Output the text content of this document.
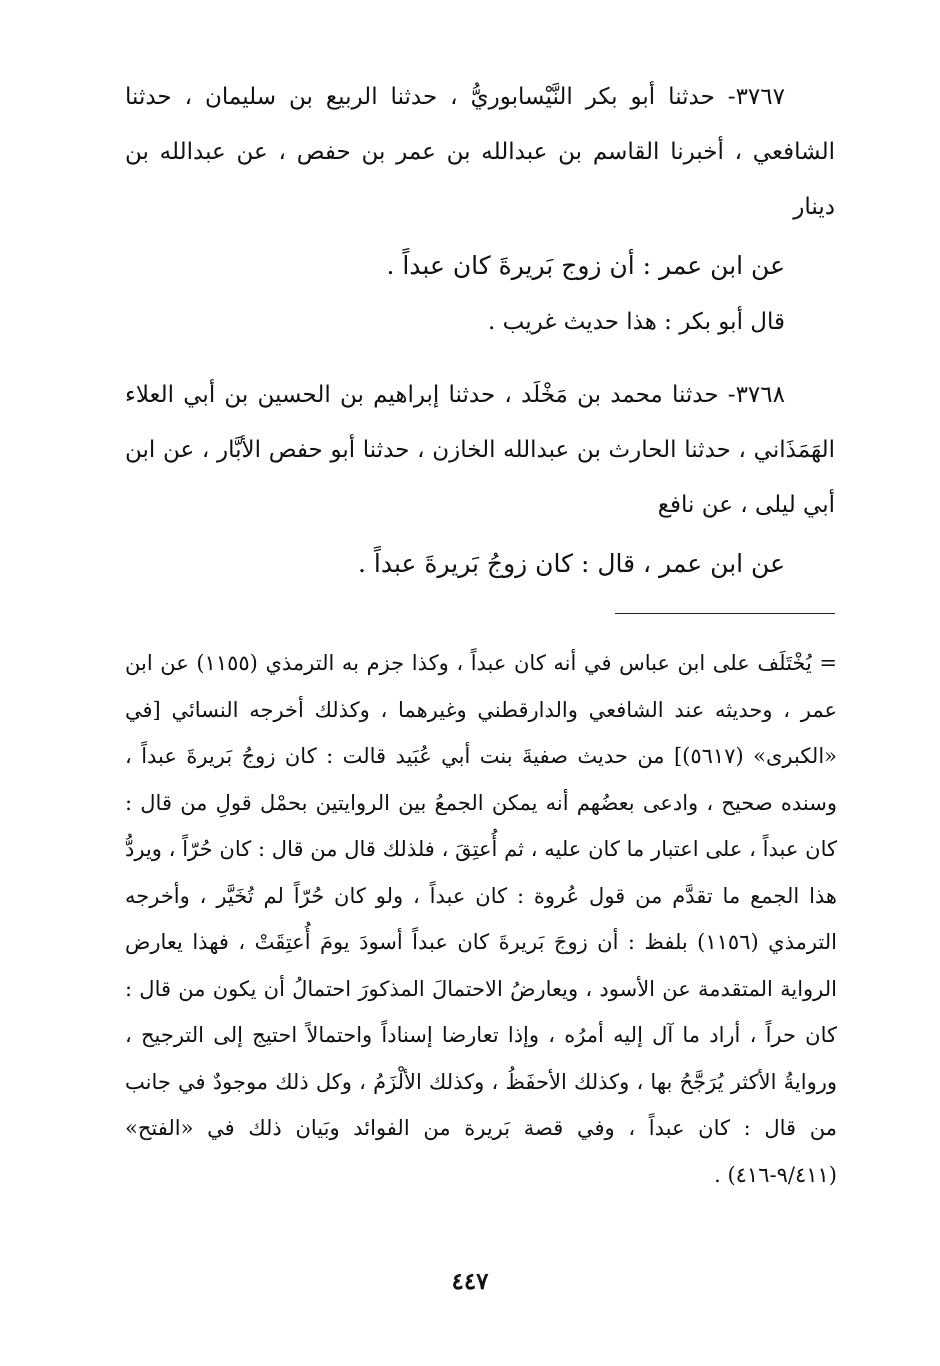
٣٧٦٧- حدثنا أبو بكر النَّيْسابوريُّ ، حدثنا الربيع بن سليمان ، حدثنا الشافعي ، أخبرنا القاسم بن عبدالله بن عمر بن حفص ، عن عبدالله بن دينار

عن ابن عمر : أن زوج بَريرةَ كان عبداً .

قال أبو بكر : هذا حديث غريب .

٣٧٦٨- حدثنا محمد بن مَخْلَد ، حدثنا إبراهيم بن الحسين بن أبي العلاء الهَمَذَاني ، حدثنا الحارث بن عبدالله الخازن ، حدثنا أبو حفص الأبَّار ، عن ابن أبي ليلى ، عن نافع

عن ابن عمر ، قال : كان زوجُ بَريرةَ عبداً .

= يُخْتَلَف على ابن عباس في أنه كان عبداً ، وكذا جزم به الترمذي (١١٥٥) عن ابن عمر ، وحديثه عند الشافعي والدارقطني وغيرهما ، وكذلك أخرجه النسائي [في «الكبرى» (٥٦١٧)] من حديث صفيةَ بنت أبي عُبَيد قالت : كان زوجُ بَريرةَ عبداً ، وسنده صحيح ، وادعى بعضُهم أنه يمكن الجمعُ بين الروايتين بحمْل قولِ من قال : كان عبداً ، على اعتبار ما كان عليه ، ثم أُعتِقَ ، فلذلك قال من قال : كان حُرّاً ، ويردُّ هذا الجمع ما تقدَّم من قول عُروة : كان عبداً ، ولو كان حُرّاً لم تُخَيَّر ، وأخرجه الترمذي (١١٥٦) بلفظ : أن زوجَ بَريرةَ كان عبداً أسودَ يومَ أُعتِقَتْ ، فهذا يعارض الرواية المتقدمة عن الأسود ، ويعارضُ الاحتمالَ المذكورَ احتمالُ أن يكون من قال : كان حراً ، أراد ما آل إليه أمرُه ، وإذا تعارضا إسناداً واحتمالاً احتيج إلى الترجيح ، وروايةُ الأكثر يُرَجَّحُ بها ، وكذلك الأحفَظُ ، وكذلك الألْزَمُ ، وكل ذلك موجودٌ في جانب من قال : كان عبداً ، وفي قصة بَريرة من الفوائد وبَيان ذلك في «الفتح» (٩/٤١١-٤١٦) .

٤٤٧
